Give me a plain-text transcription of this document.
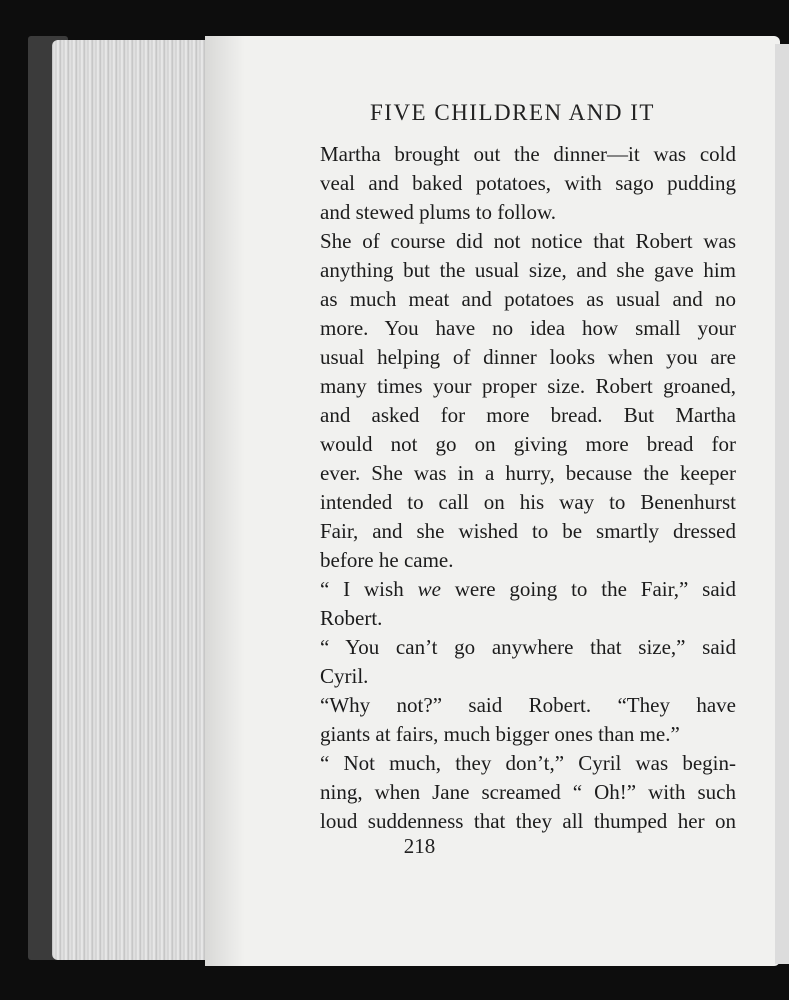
FIVE CHILDREN AND IT
Martha brought out the dinner—it was cold
veal and baked potatoes, with sago pudding
and stewed plums to follow.
She of course did not notice that Robert was
anything but the usual size, and she gave him
as much meat and potatoes as usual and no
more. You have no idea how small your
usual helping of dinner looks when you are
many times your proper size. Robert groaned,
and asked for more bread. But Martha
would not go on giving more bread for
ever. She was in a hurry, because the keeper
intended to call on his way to Benenhurst
Fair, and she wished to be smartly dressed
before he came.
“ I wish we were going to the Fair,” said
Robert.
“ You can’t go anywhere that size,” said
Cyril.
“Why not?” said Robert. “They have
giants at fairs, much bigger ones than me.”
“ Not much, they don’t,” Cyril was begin-
ning, when Jane screamed “ Oh!” with such
loud suddenness that they all thumped her on
218
